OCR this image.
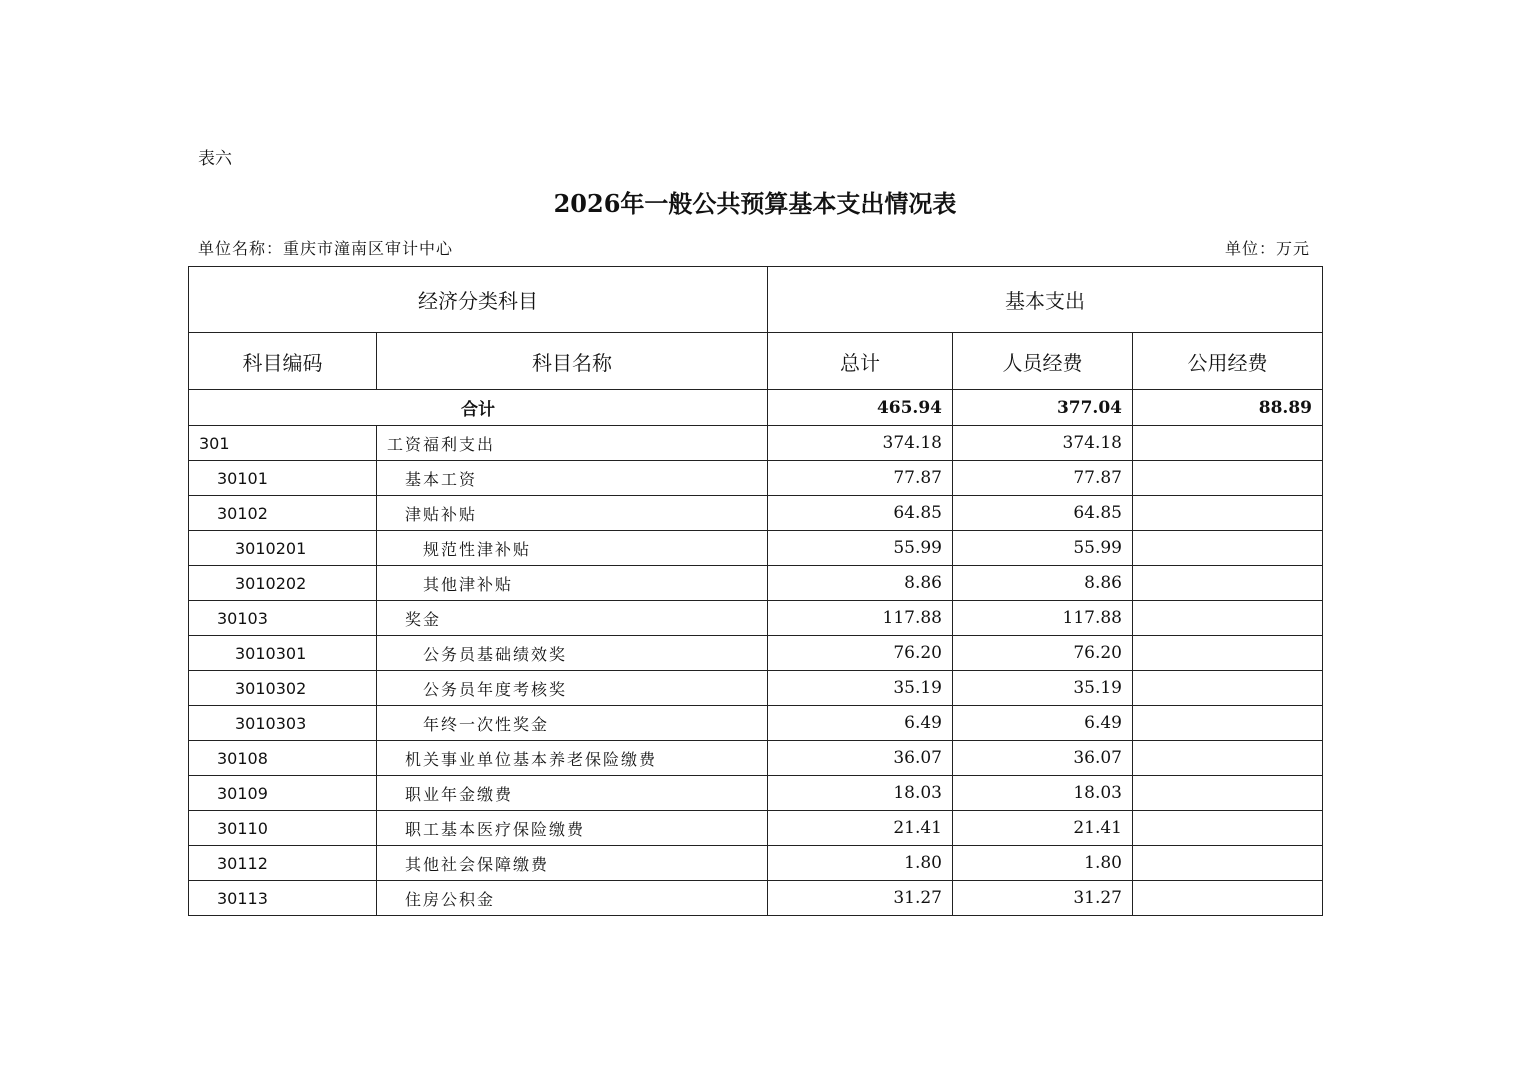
表六
2026年一般公共预算基本支出情况表
单位名称：重庆市潼南区审计中心	单位：万元
经济分类科目		基本支出		
科目编码	科目名称	总计	人员经费	公用经费
合计		465.94	377.04	88.89
301	工资福利支出	374.18	374.18	
30101	基本工资	77.87	77.87	
30102	津贴补贴	64.85	64.85	
3010201	规范性津补贴	55.99	55.99	
3010202	其他津补贴	8.86	8.86	
30103	奖金	117.88	117.88	
3010301	公务员基础绩效奖	76.20	76.20	
3010302	公务员年度考核奖	35.19	35.19	
3010303	年终一次性奖金	6.49	6.49	
30108	机关事业单位基本养老保险缴费	36.07	36.07	
30109	职业年金缴费	18.03	18.03	
30110	职工基本医疗保险缴费	21.41	21.41	
30112	其他社会保障缴费	1.80	1.80	
30113	住房公积金	31.27	31.27	
